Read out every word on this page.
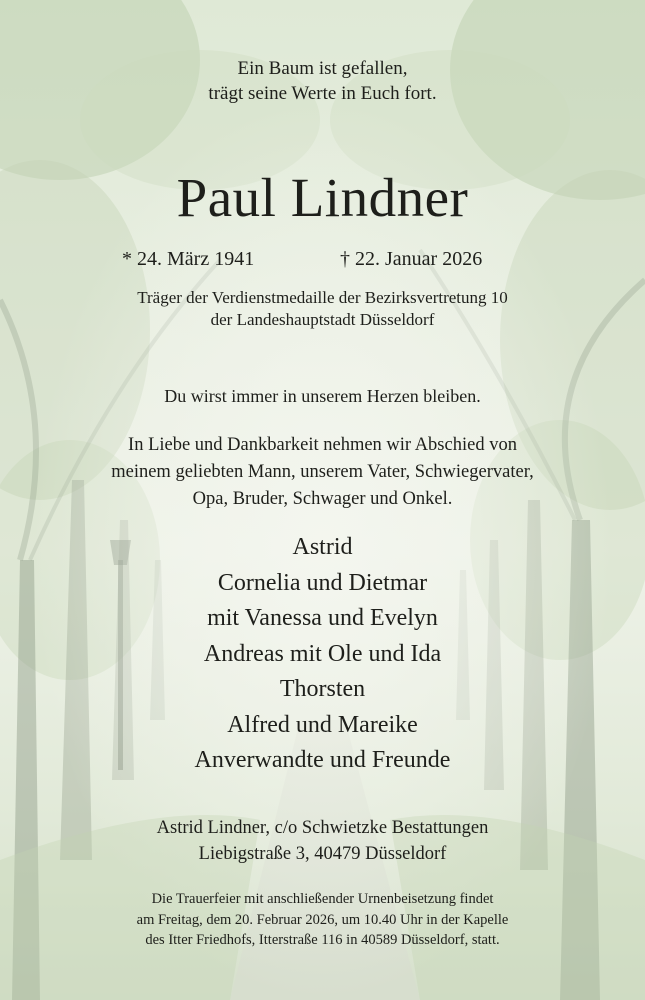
Ein Baum ist gefallen,
trägt seine Werte in Euch fort.
Paul Lindner
* 24. März 1941	† 22. Januar 2026
Träger der Verdienstmedaille der Bezirksvertretung 10
der Landeshauptstadt Düsseldorf
Du wirst immer in unserem Herzen bleiben.
In Liebe und Dankbarkeit nehmen wir Abschied von
meinem geliebten Mann, unserem Vater, Schwiegervater,
Opa, Bruder, Schwager und Onkel.
Astrid
Cornelia und Dietmar
mit Vanessa und Evelyn
Andreas mit Ole und Ida
Thorsten
Alfred und Mareike
Anverwandte und Freunde
Astrid Lindner, c/o Schwietzke Bestattungen
Liebigstraße 3, 40479 Düsseldorf
Die Trauerfeier mit anschließender Urnenbeisetzung findet
am Freitag, dem 20. Februar 2026, um 10.40 Uhr in der Kapelle
des Itter Friedhofs, Itterstraße 116 in 40589 Düsseldorf, statt.
